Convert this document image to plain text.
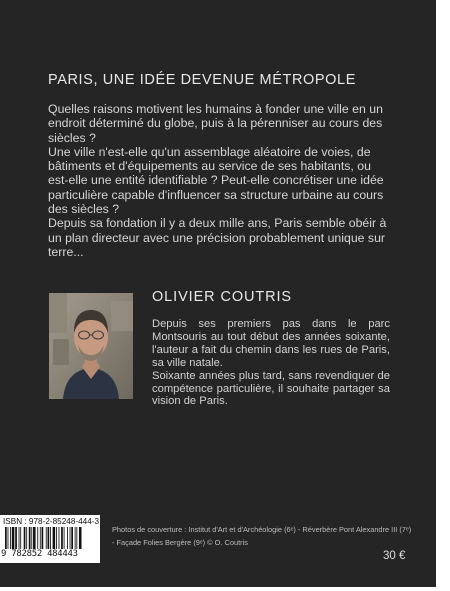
PARIS, UNE IDÉE DEVENUE MÉTROPOLE

Quelles raisons motivent les humains à fonder une ville en un endroit déterminé du globe, puis à la pérenniser au cours des siècles ?

Une ville n'est-elle qu'un assemblage aléatoire de voies, de bâtiments et d'équipements au service de ses habitants, ou est-elle une entité identifiable ? Peut-elle concrétiser une idée particulière capable d'influencer sa structure urbaine au cours des siècles ?

Depuis sa fondation il y a deux mille ans, Paris semble obéir à un plan directeur avec une précision probablement unique sur terre...

OLIVIER COUTRIS

Depuis ses premiers pas dans le parc Montsouris au tout début des années soixante, l'auteur a fait du chemin dans les rues de Paris, sa ville natale.

Soixante années plus tard, sans revendiquer de compétence particulière, il souhaite partager sa vision de Paris.

ISBN : 978-2-85248-444-3
9 782852 484443
Photos de couverture : Institut d'Art et d'Archéologie (6ᵉ) - Réverbère Pont Alexandre III (7ᵉ)
- Façade Folies Bergère (9ᵉ) © O. Coutris
30 €
